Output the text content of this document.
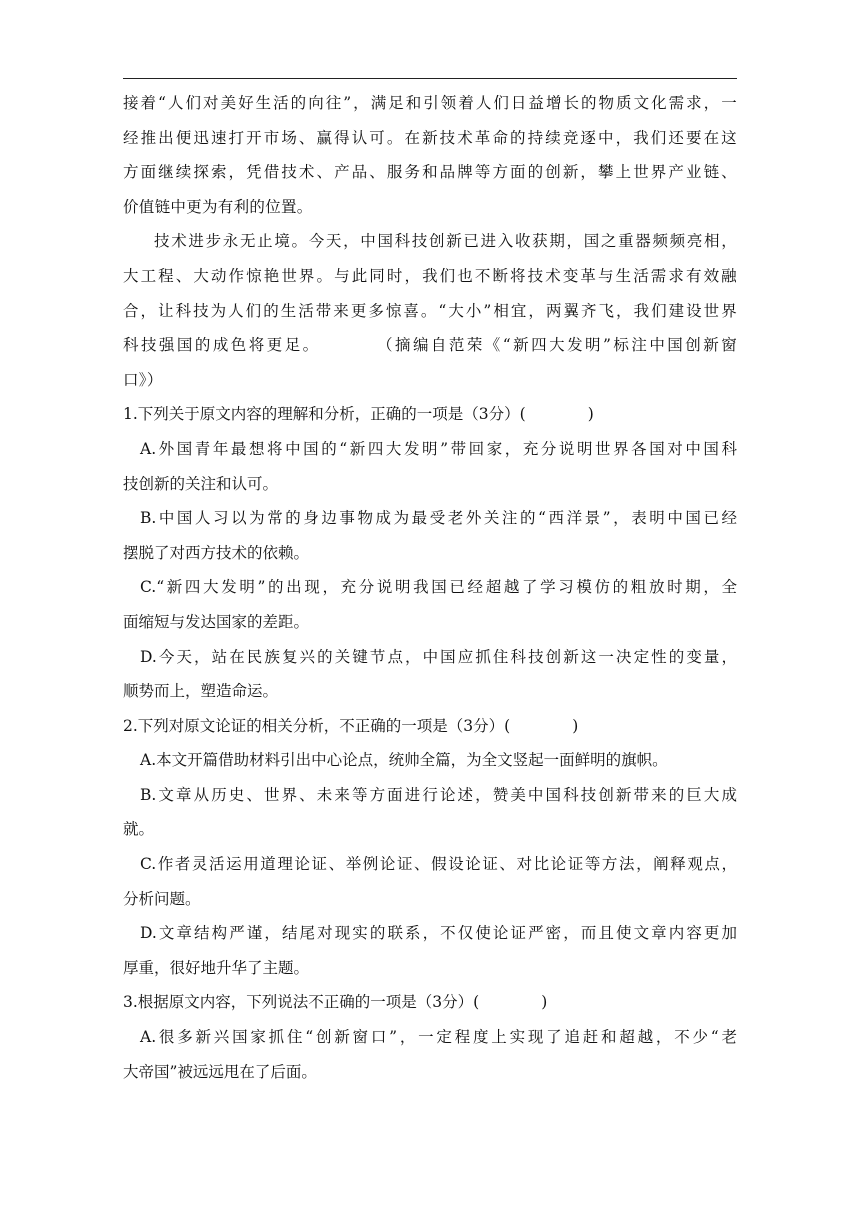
接着“人们对美好生活的向往”，满足和引领着人们日益增长的物质文化需求，一
经推出便迅速打开市场、赢得认可。在新技术革命的持续竞逐中，我们还要在这
方面继续探索，凭借技术、产品、服务和品牌等方面的创新，攀上世界产业链、
价值链中更为有利的位置。
技术进步永无止境。今天，中国科技创新已进入收获期，国之重器频频亮相，
大工程、大动作惊艳世界。与此同时，我们也不断将技术变革与生活需求有效融
合，让科技为人们的生活带来更多惊喜。“大小”相宜，两翼齐飞，我们建设世界
科技强国的成色将更足。　　　　（摘编自范荣《“新四大发明”标注中国创新窗
口》）
1.下列关于原文内容的理解和分析，正确的一项是（3分）(　　　　)
A.外国青年最想将中国的“新四大发明”带回家，充分说明世界各国对中国科
技创新的关注和认可。
B.中国人习以为常的身边事物成为最受老外关注的“西洋景”，表明中国已经
摆脱了对西方技术的依赖。
C.“新四大发明”的出现，充分说明我国已经超越了学习模仿的粗放时期，全
面缩短与发达国家的差距。
D.今天，站在民族复兴的关键节点，中国应抓住科技创新这一决定性的变量，
顺势而上，塑造命运。
2.下列对原文论证的相关分析，不正确的一项是（3分）(　　　　)
A.本文开篇借助材料引出中心论点，统帅全篇，为全文竖起一面鲜明的旗帜。
B.文章从历史、世界、未来等方面进行论述，赞美中国科技创新带来的巨大成
就。
C.作者灵活运用道理论证、举例论证、假设论证、对比论证等方法，阐释观点，
分析问题。
D.文章结构严谨，结尾对现实的联系，不仅使论证严密，而且使文章内容更加
厚重，很好地升华了主题。
3.根据原文内容，下列说法不正确的一项是（3分）(　　　　)
A.很多新兴国家抓住“创新窗口”，一定程度上实现了追赶和超越，不少“老
大帝国”被远远甩在了后面。
